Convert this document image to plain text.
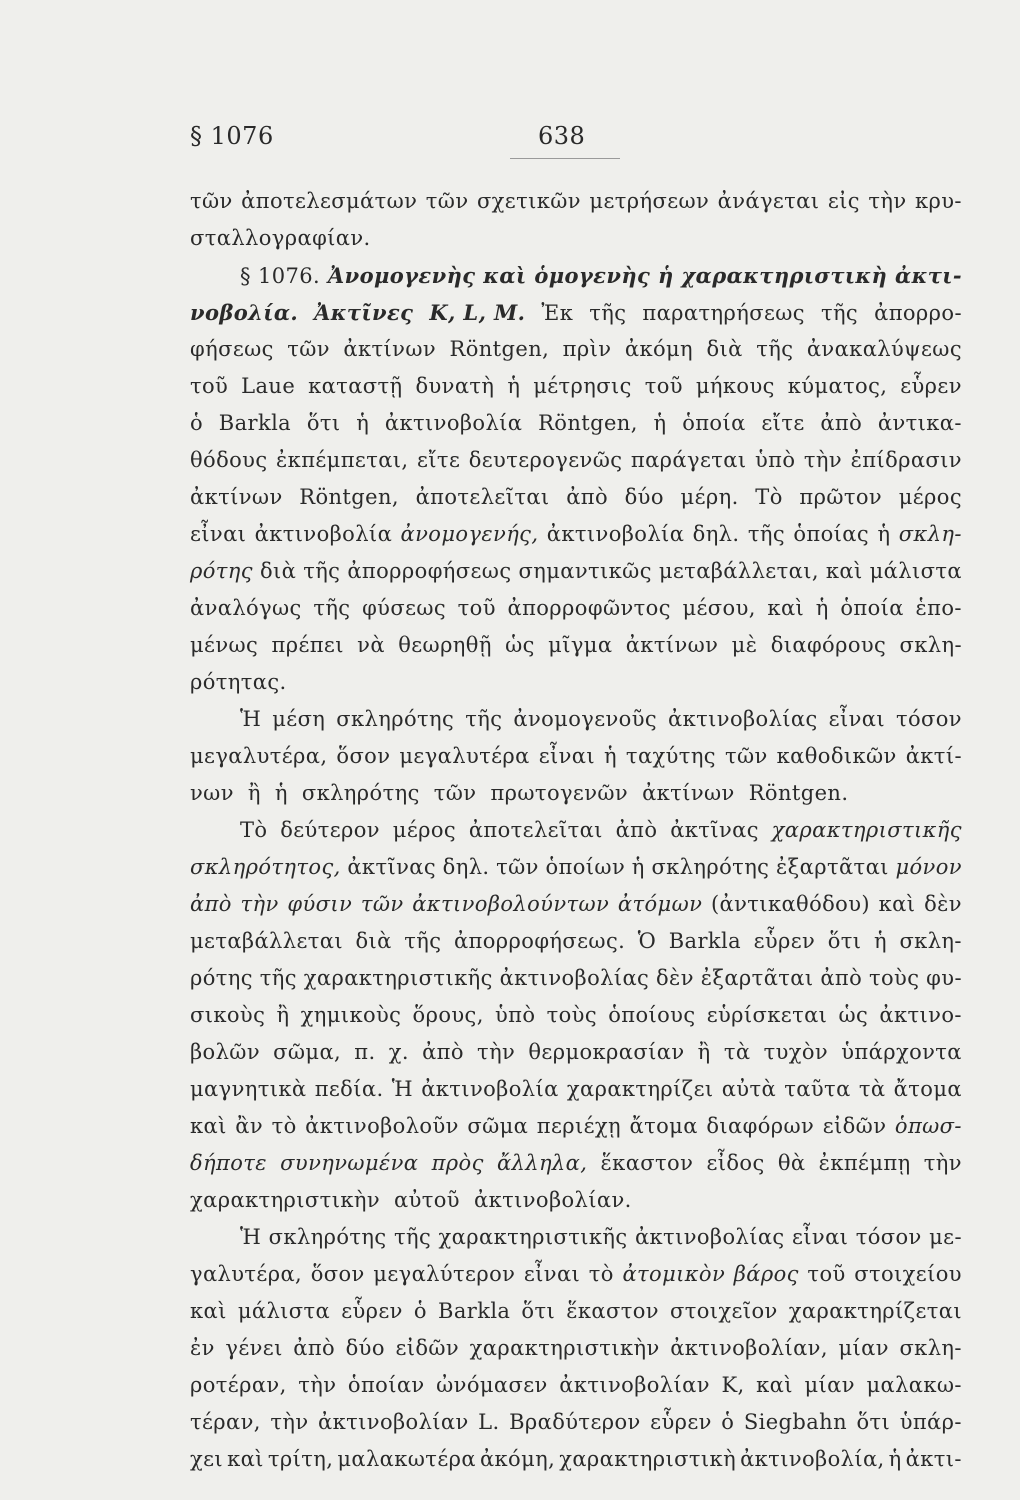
§ 1076	638
τῶν ἀποτελεσμάτων τῶν σχετικῶν μετρήσεων ἀνάγεται εἰς τὴν κρυ-
σταλλογραφίαν.
§ 1076. Ἀνομογενὴς καὶ ὁμογενὴς ἡ χαρακτηριστικὴ ἀκτι-
νοβολία. Ἀκτῖνες K, L, M. Ἐκ τῆς παρατηρήσεως τῆς ἀπορρο-
φήσεως τῶν ἀκτίνων Röntgen, πρὶν ἀκόμη διὰ τῆς ἀνακαλύψεως
τοῦ Laue καταστῇ δυνατὴ ἡ μέτρησις τοῦ μήκους κύματος, εὗρεν
ὁ Barkla ὅτι ἡ ἀκτινοβολία Röntgen, ἡ ὁποία εἴτε ἀπὸ ἀντικα-
θόδους ἐκπέμπεται, εἴτε δευτερογενῶς παράγεται ὑπὸ τὴν ἐπίδρασιν
ἀκτίνων Röntgen, ἀποτελεῖται ἀπὸ δύο μέρη. Τὸ πρῶτον μέρος
εἶναι ἀκτινοβολία ἀνομογενής, ἀκτινοβολία δηλ. τῆς ὁποίας ἡ σκλη-
ρότης διὰ τῆς ἀπορροφήσεως σημαντικῶς μεταβάλλεται, καὶ μάλιστα
ἀναλόγως τῆς φύσεως τοῦ ἀπορροφῶντος μέσου, καὶ ἡ ὁποία ἑπο-
μένως πρέπει νὰ θεωρηθῇ ὡς μῖγμα ἀκτίνων μὲ διαφόρους σκλη-
ρότητας.
Ἡ μέση σκληρότης τῆς ἀνομογενοῦς ἀκτινοβολίας εἶναι τόσον
μεγαλυτέρα, ὅσον μεγαλυτέρα εἶναι ἡ ταχύτης τῶν καθοδικῶν ἀκτί-
νων ἢ ἡ σκληρότης τῶν πρωτογενῶν ἀκτίνων Röntgen.
Τὸ δεύτερον μέρος ἀποτελεῖται ἀπὸ ἀκτῖνας χαρακτηριστικῆς
σκληρότητος, ἀκτῖνας δηλ. τῶν ὁποίων ἡ σκληρότης ἐξαρτᾶται μόνον
ἀπὸ τὴν φύσιν τῶν ἀκτινοβολούντων ἀτόμων (ἀντικαθόδου) καὶ δὲν
μεταβάλλεται διὰ τῆς ἀπορροφήσεως. Ὁ Barkla εὗρεν ὅτι ἡ σκλη-
ρότης τῆς χαρακτηριστικῆς ἀκτινοβολίας δὲν ἐξαρτᾶται ἀπὸ τοὺς φυ-
σικοὺς ἢ χημικοὺς ὅρους, ὑπὸ τοὺς ὁποίους εὑρίσκεται ὡς ἀκτινο-
βολῶν σῶμα, π. χ. ἀπὸ τὴν θερμοκρασίαν ἢ τὰ τυχὸν ὑπάρχοντα
μαγνητικὰ πεδία. Ἡ ἀκτινοβολία χαρακτηρίζει αὐτὰ ταῦτα τὰ ἄτομα
καὶ ἂν τὸ ἀκτινοβολοῦν σῶμα περιέχῃ ἄτομα διαφόρων εἰδῶν ὁπωσ-
δήποτε συνηνωμένα πρὸς ἄλληλα, ἕκαστον εἶδος θὰ ἐκπέμπῃ τὴν
χαρακτηριστικὴν αὐτοῦ ἀκτινοβολίαν.
Ἡ σκληρότης τῆς χαρακτηριστικῆς ἀκτινοβολίας εἶναι τόσον με-
γαλυτέρα, ὅσον μεγαλύτερον εἶναι τὸ ἀτομικὸν βάρος τοῦ στοιχείου
καὶ μάλιστα εὗρεν ὁ Barkla ὅτι ἕκαστον στοιχεῖον χαρακτηρίζεται
ἐν γένει ἀπὸ δύο εἰδῶν χαρακτηριστικὴν ἀκτινοβολίαν, μίαν σκλη-
ροτέραν, τὴν ὁποίαν ὠνόμασεν ἀκτινοβολίαν K, καὶ μίαν μαλακω-
τέραν, τὴν ἀκτινοβολίαν L. Βραδύτερον εὗρεν ὁ Siegbahn ὅτι ὑπάρ-
χει καὶ τρίτη, μαλακωτέρα ἀκόμη, χαρακτηριστικὴ ἀκτινοβολία, ἡ ἀκτι-
